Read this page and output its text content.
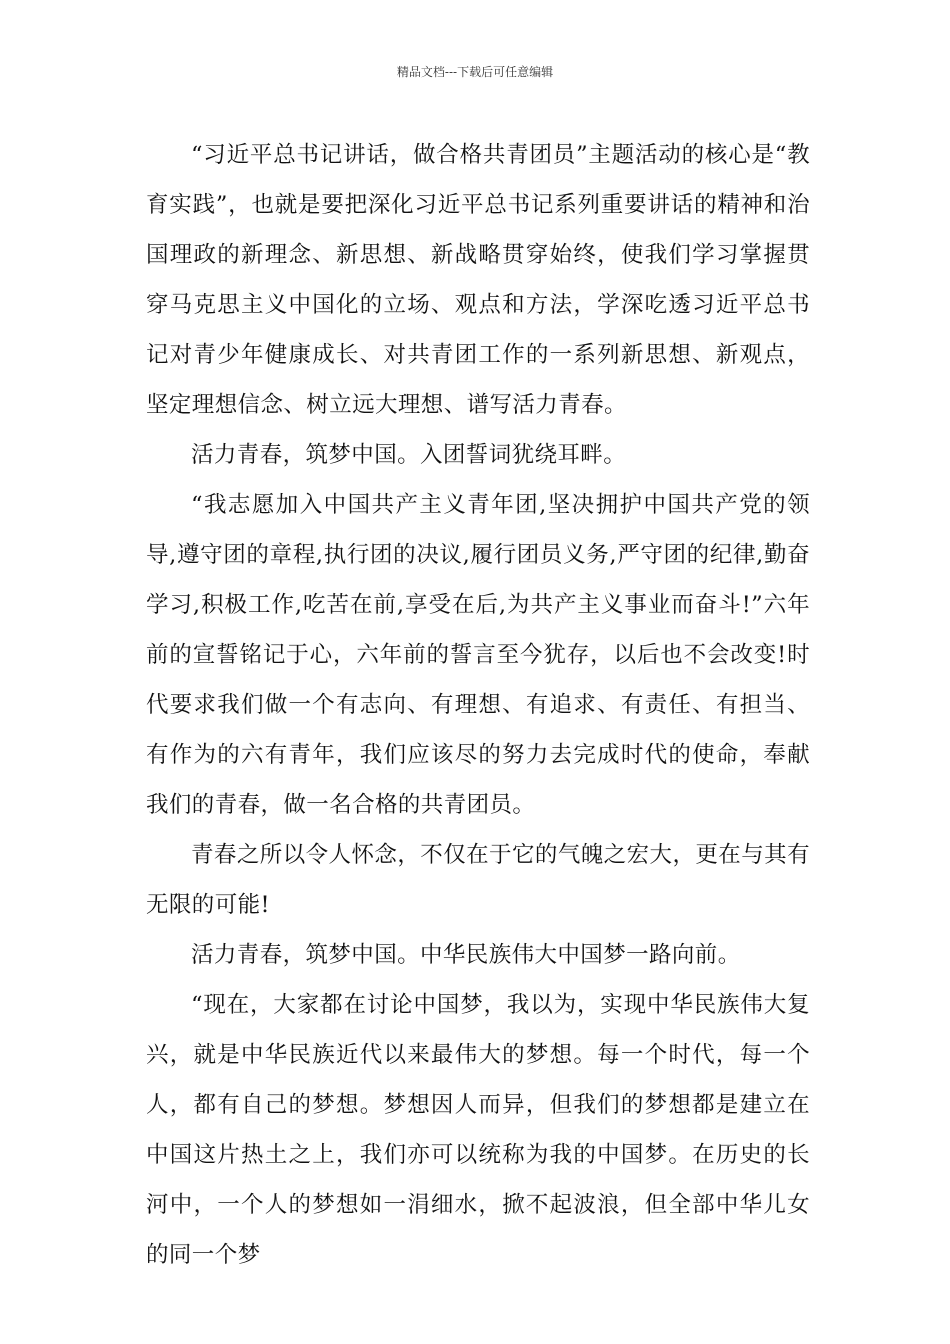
精品文档---下载后可任意编辑

“习近平总书记讲话，做合格共青团员”主题活动的核心是“教育实践”，也就是要把深化习近平总书记系列重要讲话的精神和治国理政的新理念、新思想、新战略贯穿始终，使我们学习掌握贯穿马克思主义中国化的立场、观点和方法，学深吃透习近平总书记对青少年健康成长、对共青团工作的一系列新思想、新观点，坚定理想信念、树立远大理想、谱写活力青春。

活力青春，筑梦中国。入团誓词犹绕耳畔。

“我志愿加入中国共产主义青年团,坚决拥护中国共产党的领导,遵守团的章程,执行团的决议,履行团员义务,严守团的纪律,勤奋学习,积极工作,吃苦在前,享受在后,为共产主义事业而奋斗!”六年前的宣誓铭记于心，六年前的誓言至今犹存，以后也不会改变!时代要求我们做一个有志向、有理想、有追求、有责任、有担当、有作为的六有青年，我们应该尽的努力去完成时代的使命，奉献我们的青春，做一名合格的共青团员。

青春之所以令人怀念，不仅在于它的气魄之宏大，更在与其有无限的可能!

活力青春，筑梦中国。中华民族伟大中国梦一路向前。

“现在，大家都在讨论中国梦，我以为，实现中华民族伟大复兴，就是中华民族近代以来最伟大的梦想。每一个时代，每一个人，都有自己的梦想。梦想因人而异，但我们的梦想都是建立在中国这片热土之上，我们亦可以统称为我的中国梦。在历史的长河中，一个人的梦想如一涓细水，掀不起波浪，但全部中华儿女的同一个梦
